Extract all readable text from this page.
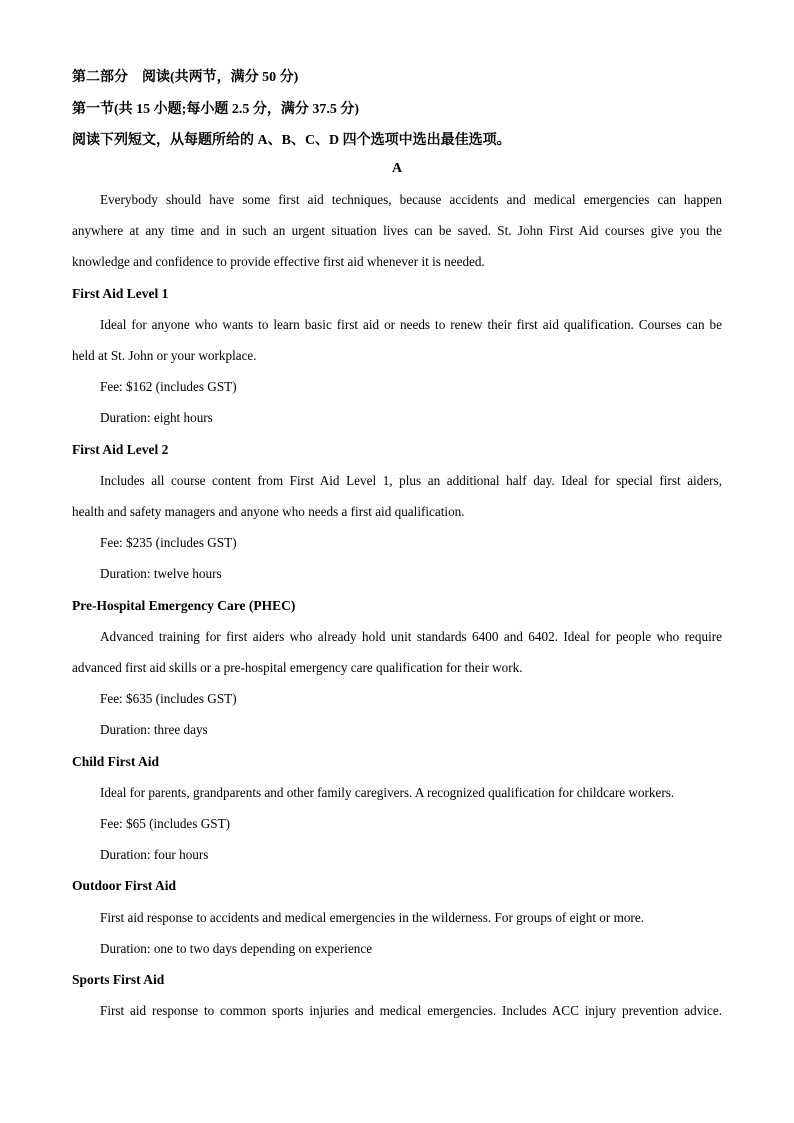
第二部分　阅读(共两节，满分 50 分)
第一节(共 15 小题;每小题 2.5 分，满分 37.5 分)
阅读下列短文，从每题所给的 A、B、C、D 四个选项中选出最佳选项。
A
Everybody should have some first aid techniques, because accidents and medical emergencies can happen
anywhere at any time and in such an urgent situation lives can be saved. St. John First Aid courses give you the
knowledge and confidence to provide effective first aid whenever it is needed.
First Aid Level 1
Ideal for anyone who wants to learn basic first aid or needs to renew their first aid qualification. Courses can be
held at St. John or your workplace.
Fee: $162 (includes GST)
Duration: eight hours
First Aid Level 2
Includes all course content from First Aid Level 1, plus an additional half day. Ideal for special first aiders,
health and safety managers and anyone who needs a first aid qualification.
Fee: $235 (includes GST)
Duration: twelve hours
Pre-Hospital Emergency Care (PHEC)
Advanced training for first aiders who already hold unit standards 6400 and 6402. Ideal for people who require
advanced first aid skills or a pre-hospital emergency care qualification for their work.
Fee: $635 (includes GST)
Duration: three days
Child First Aid
Ideal for parents, grandparents and other family caregivers. A recognized qualification for childcare workers.
Fee: $65 (includes GST)
Duration: four hours
Outdoor First Aid
First aid response to accidents and medical emergencies in the wilderness. For groups of eight or more.
Duration: one to two days depending on experience
Sports First Aid
First aid response to common sports injuries and medical emergencies. Includes ACC injury prevention advice.
